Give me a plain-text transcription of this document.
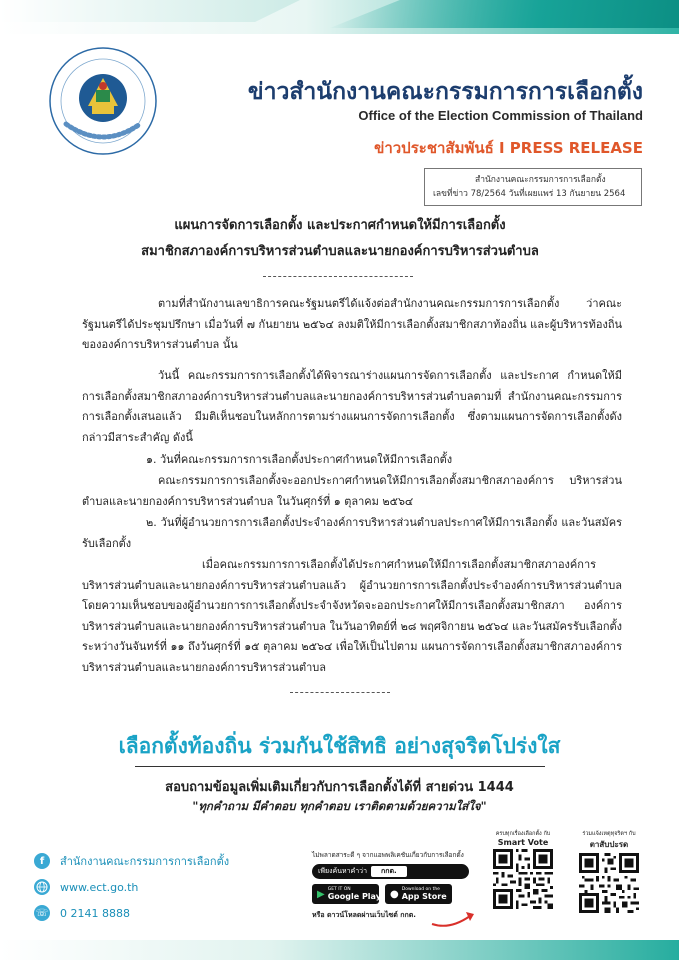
ข่าวสำนักงานคณะกรรมการการเลือกตั้ง
Office of the Election Commission of Thailand
ข่าวประชาสัมพันธ์ I PRESS RELEASE
สำนักงานคณะกรรมการการเลือกตั้ง
เลขที่ข่าว 78/2564 วันที่เผยแพร่ 13 กันยายน 2564
แผนการจัดการเลือกตั้ง และประกาศกำหนดให้มีการเลือกตั้ง
สมาชิกสภาองค์การบริหารส่วนตำบลและนายกองค์การบริหารส่วนตำบล

ตามที่สำนักงานเลขาธิการคณะรัฐมนตรีได้แจ้งต่อสำนักงานคณะกรรมการการเลือกตั้ง ว่าคณะรัฐมนตรีได้ประชุมปรึกษา เมื่อวันที่ ๗ กันยายน ๒๕๖๔ ลงมติให้มีการเลือกตั้งสมาชิกสภาท้องถิ่น และผู้บริหารท้องถิ่นขององค์การบริหารส่วนตำบล นั้น

วันนี้ คณะกรรมการการเลือกตั้งได้พิจารณาร่างแผนการจัดการเลือกตั้ง และประกาศ กำหนดให้มีการเลือกตั้งสมาชิกสภาองค์การบริหารส่วนตำบลและนายกองค์การบริหารส่วนตำบลตามที่ สำนักงานคณะกรรมการการเลือกตั้งเสนอแล้ว มีมติเห็นชอบในหลักการตามร่างแผนการจัดการเลือกตั้ง ซึ่งตามแผนการจัดการเลือกตั้งดังกล่าวมีสาระสำคัญ ดังนี้

๑. วันที่คณะกรรมการการเลือกตั้งประกาศกำหนดให้มีการเลือกตั้ง

คณะกรรมการการเลือกตั้งจะออกประกาศกำหนดให้มีการเลือกตั้งสมาชิกสภาองค์การ บริหารส่วนตำบลและนายกองค์การบริหารส่วนตำบล ในวันศุกร์ที่ ๑ ตุลาคม ๒๕๖๔

๒. วันที่ผู้อำนวยการการเลือกตั้งประจำองค์การบริหารส่วนตำบลประกาศให้มีการเลือกตั้ง และวันสมัครรับเลือกตั้ง

เมื่อคณะกรรมการการเลือกตั้งได้ประกาศกำหนดให้มีการเลือกตั้งสมาชิกสภาองค์การ บริหารส่วนตำบลและนายกองค์การบริหารส่วนตำบลแล้ว ผู้อำนวยการการเลือกตั้งประจำองค์การบริหารส่วนตำบล โดยความเห็นชอบของผู้อำนวยการการเลือกตั้งประจำจังหวัดจะออกประกาศให้มีการเลือกตั้งสมาชิกสภา องค์การบริหารส่วนตำบลและนายกองค์การบริหารส่วนตำบล ในวันอาทิตย์ที่ ๒๘ พฤศจิกายน ๒๕๖๔ และวันสมัครรับเลือกตั้งระหว่างวันจันทร์ที่ ๑๑ ถึงวันศุกร์ที่ ๑๕ ตุลาคม ๒๕๖๔ เพื่อให้เป็นไปตาม แผนการจัดการเลือกตั้งสมาชิกสภาองค์การบริหารส่วนตำบลและนายกองค์การบริหารส่วนตำบล

เลือกตั้งท้องถิ่น ร่วมกันใช้สิทธิ อย่างสุจริตโปร่งใส
สอบถามข้อมูลเพิ่มเติมเกี่ยวกับการเลือกตั้งได้ที่ สายด่วน 1444
"ทุกคำถาม มีคำตอบ ทุกคำตอบ เราติดตามด้วยความใส่ใจ"
f	สำนักงานคณะกรรมการการเลือกตั้ง
www.ect.go.th
☏ 0 2141 8888
ไม่พลาดสาระดี ๆ จากแอพพลิเคชันเกี่ยวกับการเลือกตั้ง
เพียงค้นหาคำว่า	กกต.
▶ GET IT ON
Google Play ● Download on the
App Store
หรือ ดาวน์โหลดผ่านเว็บไซต์ กกต.
ครบทุกเรื่องเลือกตั้ง กับ
Smart Vote
ร่วมแจ้งเหตุทุจริตฯ กับ
ตาสับปะรด
